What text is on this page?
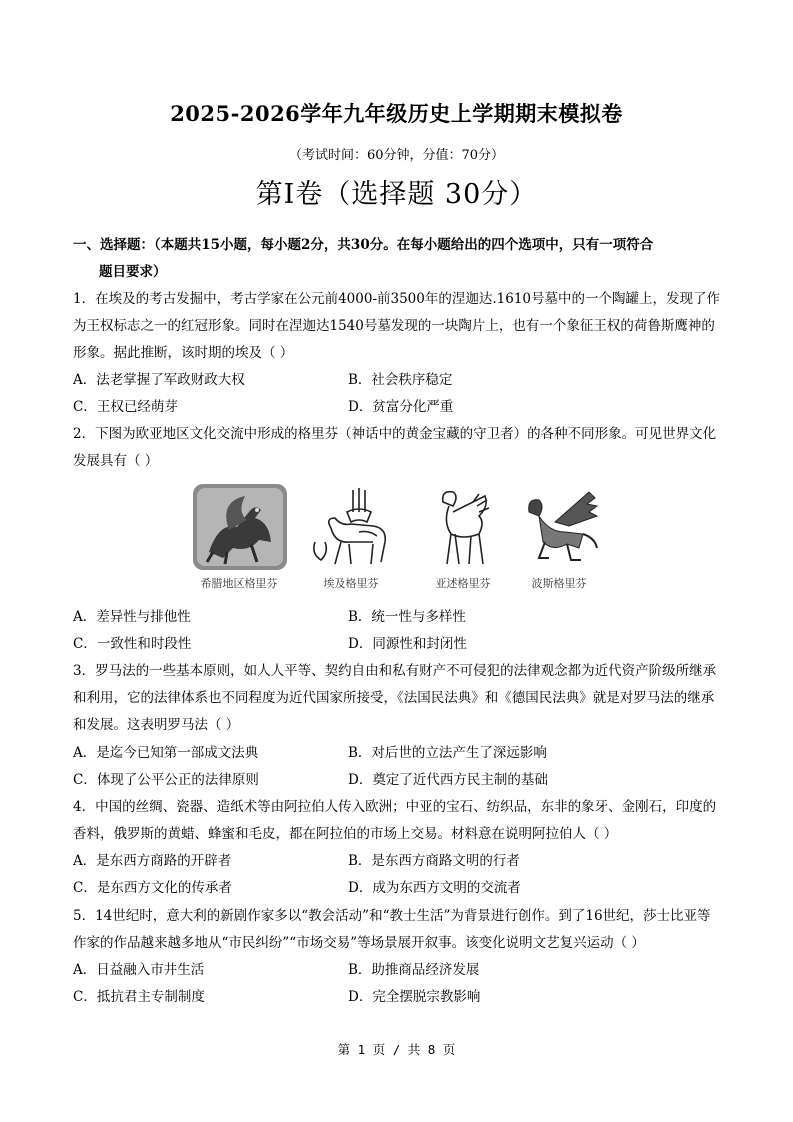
2025-2026学年九年级历史上学期期末模拟卷
（考试时间：60分钟，分值：70分）
第I卷（选择题 30分）
一、选择题：（本题共15小题，每小题2分，共30分。在每小题给出的四个选项中，只有一项符合
题目要求）
1．在埃及的考古发掘中，考古学家在公元前4000-前3500年的涅迦达.1610号墓中的一个陶罐上，发现了作为王权标志之一的红冠形象。同时在涅迦达1540号墓发现的一块陶片上，也有一个象征王权的荷鲁斯鹰神的形象。据此推断，该时期的埃及（ ）
A．法老掌握了军政财政大权	B．社会秩序稳定
C．王权已经萌芽	D．贫富分化严重
2．下图为欧亚地区文化交流中形成的格里芬（神话中的黄金宝藏的守卫者）的各种不同形象。可见世界文化发展具有（ ）
希腊地区格里芬	埃及格里芬	亚述格里芬	波斯格里芬
A．差异性与排他性	B．统一性与多样性
C．一致性和时段性	D．同源性和封闭性
3．罗马法的一些基本原则，如人人平等、契约自由和私有财产不可侵犯的法律观念都为近代资产阶级所继承和利用，它的法律体系也不同程度为近代国家所接受，《法国民法典》和《德国民法典》就是对罗马法的继承和发展。这表明罗马法（ ）
A．是迄今已知第一部成文法典	B．对后世的立法产生了深远影响
C．体现了公平公正的法律原则	D．奠定了近代西方民主制的基础
4．中国的丝绸、瓷器、造纸术等由阿拉伯人传入欧洲；中亚的宝石、纺织品，东非的象牙、金刚石，印度的香料，俄罗斯的黄蜡、蜂蜜和毛皮，都在阿拉伯的市场上交易。材料意在说明阿拉伯人（ ）
A．是东西方商路的开辟者	B．是东西方商路文明的行者
C．是东西方文化的传承者	D．成为东西方文明的交流者
5．14世纪时，意大利的新剧作家多以“教会活动”和“教士生活”为背景进行创作。到了16世纪，莎士比亚等作家的作品越来越多地从“市民纠纷”“市场交易”等场景展开叙事。该变化说明文艺复兴运动（ ）
A．日益融入市井生活	B．助推商品经济发展
C．抵抗君主专制制度	D．完全摆脱宗教影响
第 1 页 / 共 8 页
